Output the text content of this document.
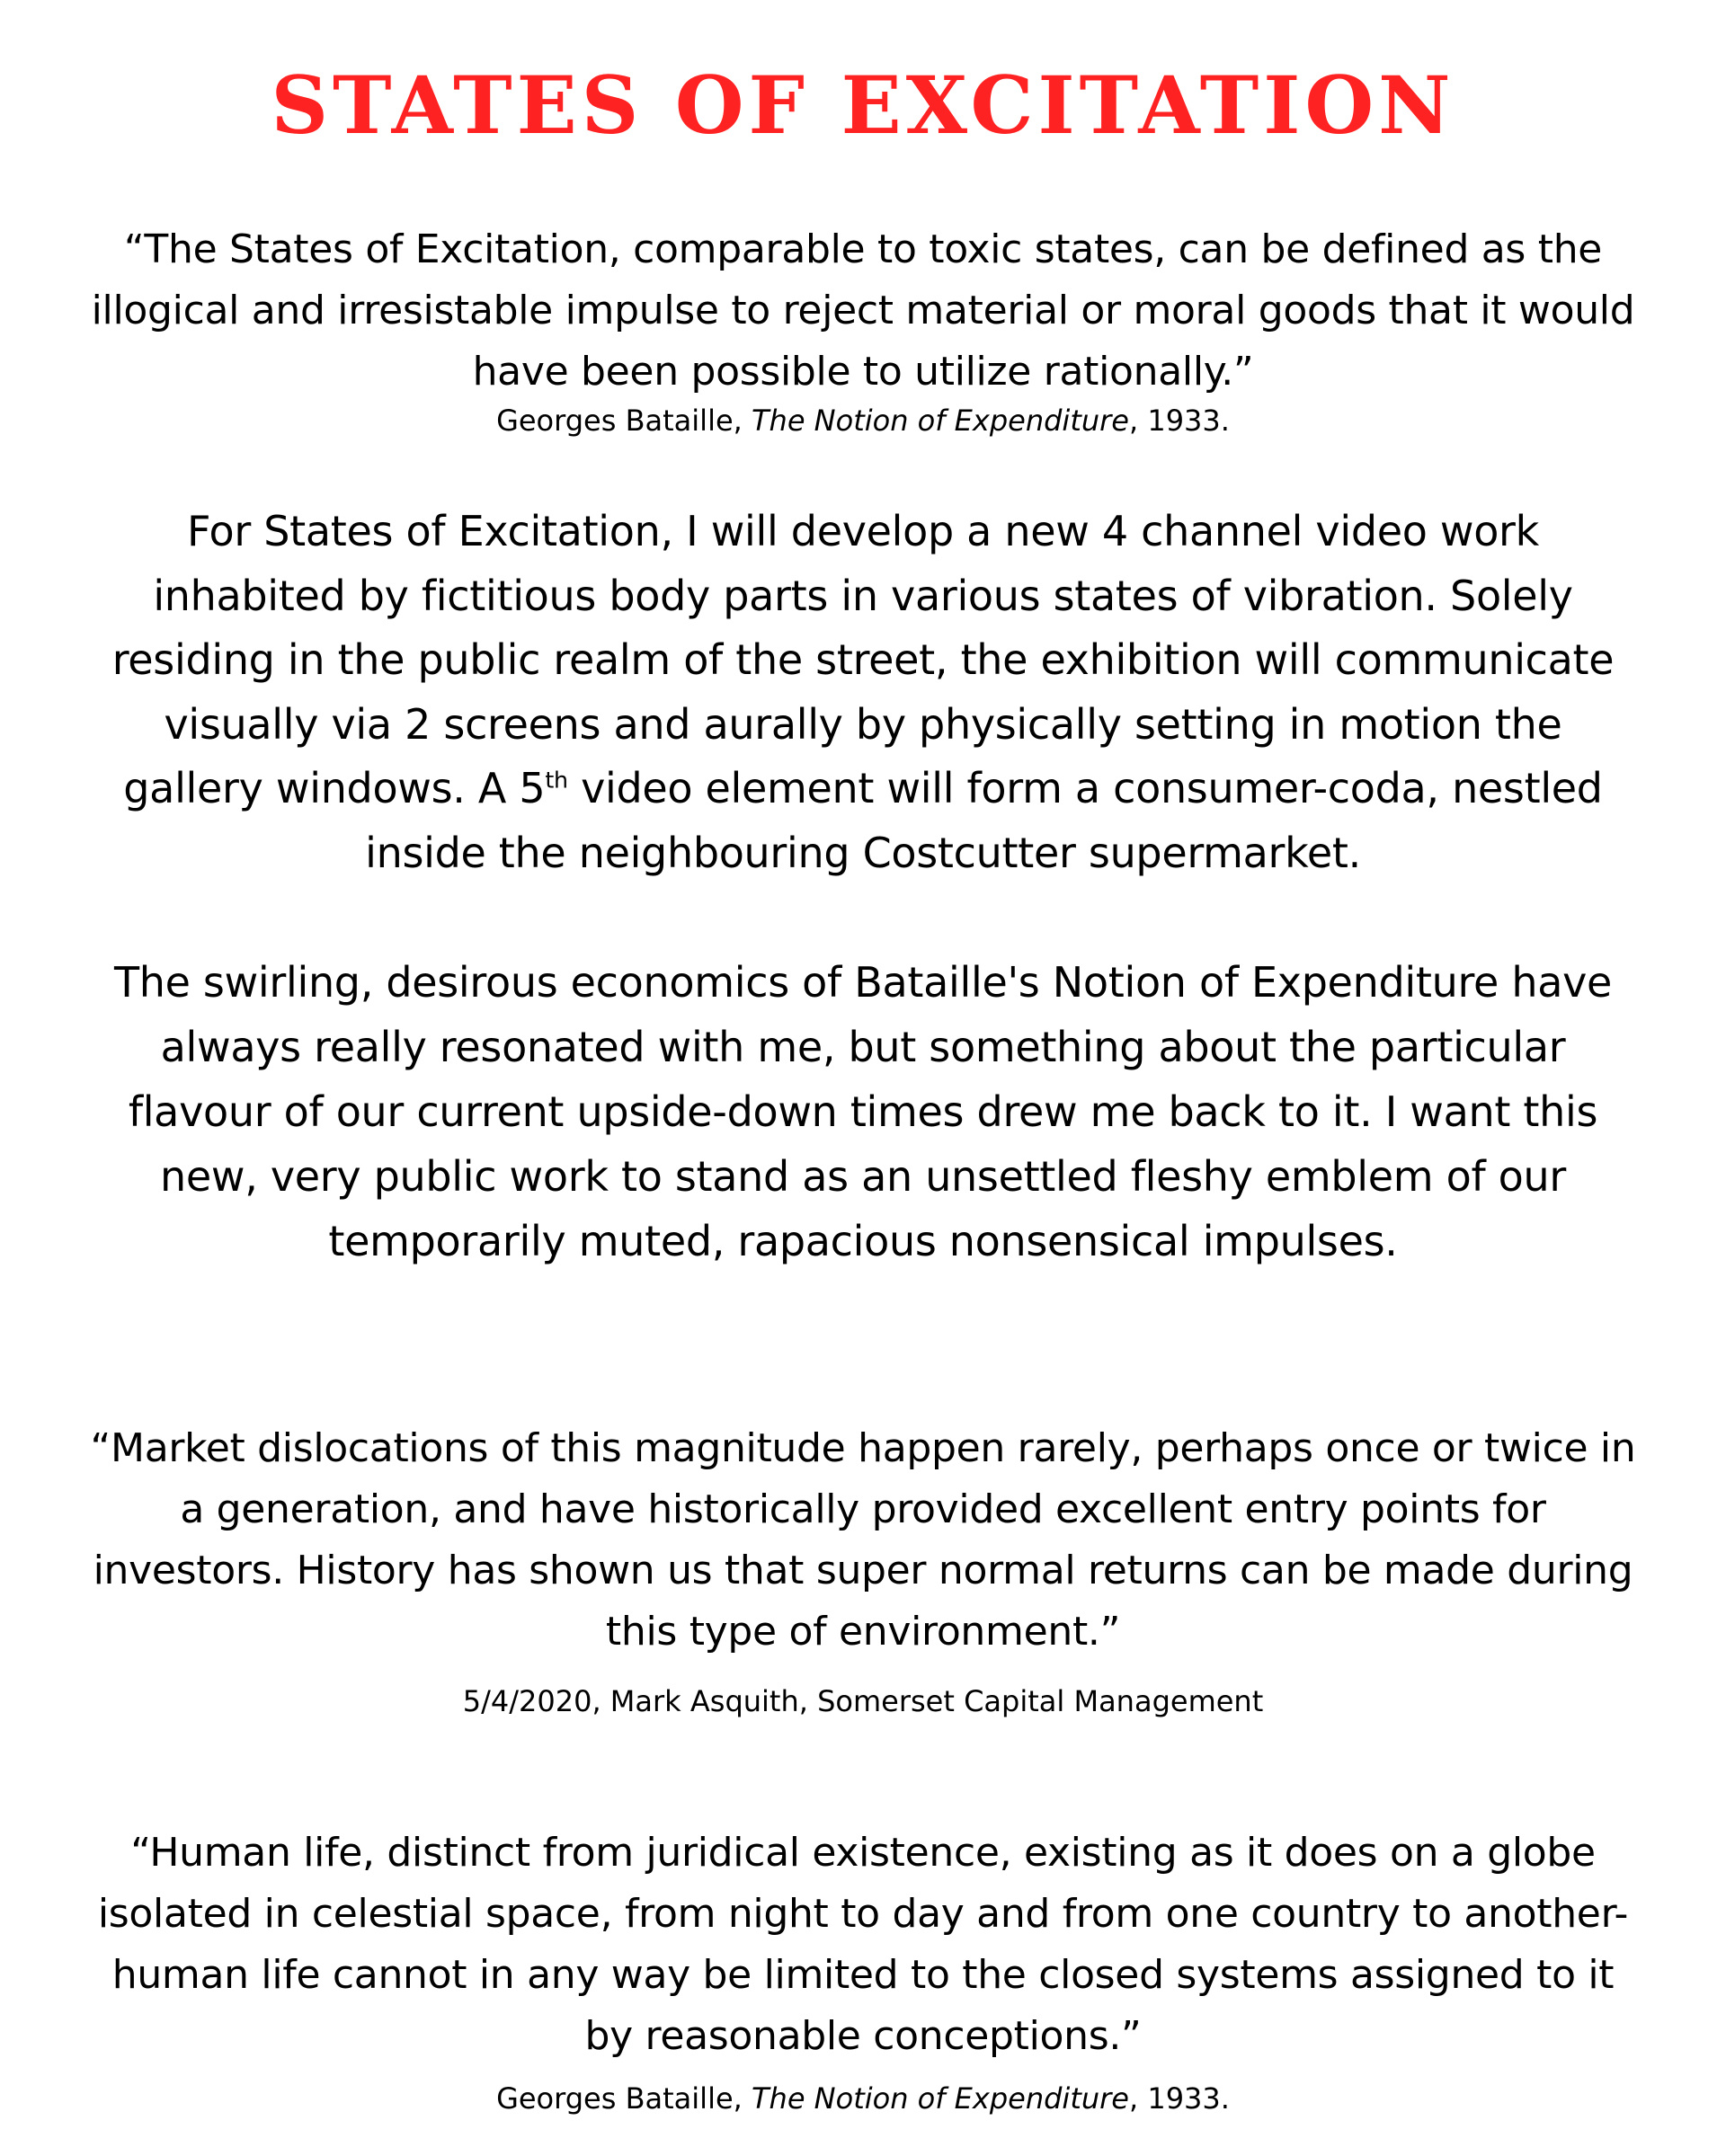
STATES OF EXCITATION

“The States of Excitation, comparable to toxic states, can be defined as the illogical and irresistable impulse to reject material or moral goods that it would have been possible to utilize rationally.”

Georges Bataille, The Notion of Expenditure, 1933.

For States of Excitation, I will develop a new 4 channel video work inhabited by fictitious body parts in various states of vibration. Solely residing in the public realm of the street, the exhibition will communicate visually via 2 screens and aurally by physically setting in motion the gallery windows. A 5th video element will form a consumer-coda, nestled inside the neighbouring Costcutter supermarket.

The swirling, desirous economics of Bataille's Notion of Expenditure have always really resonated with me, but something about the particular flavour of our current upside-down times drew me back to it. I want this new, very public work to stand as an unsettled fleshy emblem of our temporarily muted, rapacious nonsensical impulses.

“Market dislocations of this magnitude happen rarely, perhaps once or twice in a generation, and have historically provided excellent entry points for investors. History has shown us that super normal returns can be made during this type of environment.”

5/4/2020, Mark Asquith, Somerset Capital Management

“Human life, distinct from juridical existence, existing as it does on a globe isolated in celestial space, from night to day and from one country to another- human life cannot in any way be limited to the closed systems assigned to it by reasonable conceptions.”

Georges Bataille, The Notion of Expenditure, 1933.
